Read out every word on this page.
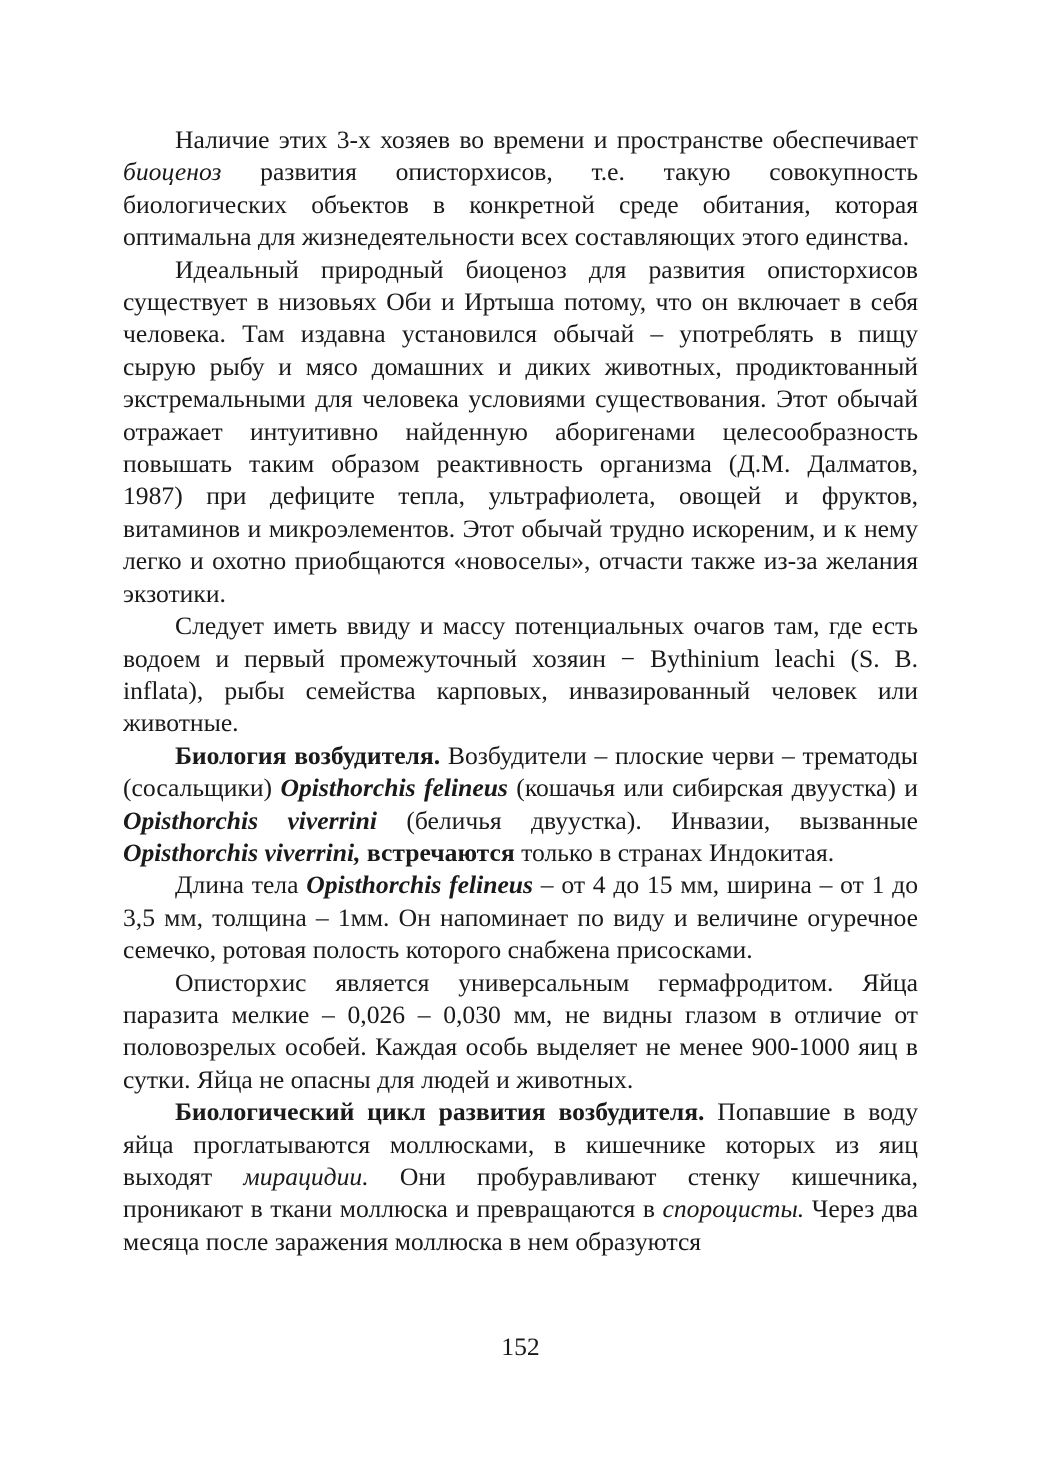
Наличие этих 3-х хозяев во времени и пространстве обеспечивает биоценоз развития описторхисов, т.е. такую совокупность биологических объектов в конкретной среде обитания, которая оптимальна для жизнедеятельности всех составляющих этого единства.

Идеальный природный биоценоз для развития описторхисов существует в низовьях Оби и Иртыша потому, что он включает в себя человека. Там издавна установился обычай – употреблять в пищу сырую рыбу и мясо домашних и диких животных, продиктованный экстремальными для человека условиями существования. Этот обычай отражает интуитивно найденную аборигенами целесообразность повышать таким образом реактивность организма (Д.М. Далматов, 1987) при дефиците тепла, ультрафиолета, овощей и фруктов, витаминов и микроэлементов. Этот обычай трудно искореним, и к нему легко и охотно приобщаются «новоселы», отчасти также из-за желания экзотики.

Следует иметь ввиду и массу потенциальных очагов там, где есть водоем и первый промежуточный хозяин − Bythinium leachi (S. B. inflata), рыбы семейства карповых, инвазированный человек или животные.

Биология возбудителя. Возбудители – плоские черви – трематоды (сосальщики) Opisthorchis felineus (кошачья или сибирская двуустка) и Opisthorchis viverrini (беличья двуустка). Инвазии, вызванные Opisthorchis viverrini, встречаются только в странах Индокитая.

Длина тела Opisthorchis felineus – от 4 до 15 мм, ширина – от 1 до 3,5 мм, толщина – 1мм. Он напоминает по виду и величине огуречное семечко, ротовая полость которого снабжена присосками.

Описторхис является универсальным гермафродитом. Яйца паразита мелкие – 0,026 – 0,030 мм, не видны глазом в отличие от половозрелых особей. Каждая особь выделяет не менее 900-1000 яиц в сутки. Яйца не опасны для людей и животных.

Биологический цикл развития возбудителя. Попавшие в воду яйца проглатываются моллюсками, в кишечнике которых из яиц выходят мирацидии. Они пробуравливают стенку кишечника, проникают в ткани моллюска и превращаются в спороцисты. Через два месяца после заражения моллюска в нем образуются

152
